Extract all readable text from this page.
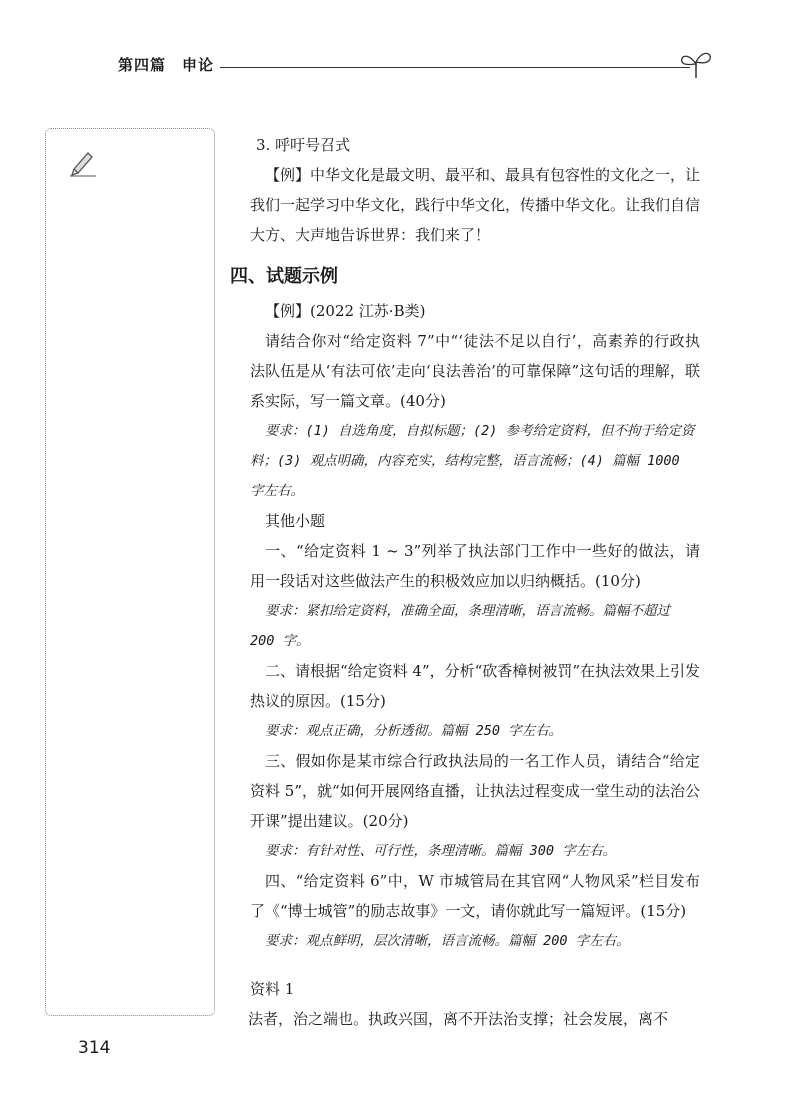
第四篇　申论

3. 呼吁号召式

【例】中华文化是最文明、最平和、最具有包容性的文化之一，让我们一起学习中华文化，践行中华文化，传播中华文化。让我们自信大方、大声地告诉世界：我们来了！

四、试题示例

【例】(2022 江苏·B类)

请结合你对“给定资料 7”中“‘徒法不足以自行’，高素养的行政执法队伍是从‘有法可依’走向‘良法善治’的可靠保障”这句话的理解，联系实际，写一篇文章。(40分)

要求：(1) 自选角度，自拟标题；(2) 参考给定资料，但不拘于给定资料；(3) 观点明确，内容充实，结构完整，语言流畅；(4) 篇幅 1000 字左右。

其他小题

一、“给定资料 1 ~ 3”列举了执法部门工作中一些好的做法，请用一段话对这些做法产生的积极效应加以归纳概括。(10分)

要求：紧扣给定资料，准确全面，条理清晰，语言流畅。篇幅不超过 200 字。

二、请根据“给定资料 4”，分析“砍香樟树被罚”在执法效果上引发热议的原因。(15分)

要求：观点正确，分析透彻。篇幅 250 字左右。

三、假如你是某市综合行政执法局的一名工作人员，请结合“给定资料 5”，就“如何开展网络直播，让执法过程变成一堂生动的法治公开课”提出建议。(20分)

要求：有针对性、可行性，条理清晰。篇幅 300 字左右。

四、“给定资料 6”中，W 市城管局在其官网“人物风采”栏目发布了《“博士城管”的励志故事》一文，请你就此写一篇短评。(15分)

要求：观点鲜明，层次清晰，语言流畅。篇幅 200 字左右。

资料 1

法者，治之端也。执政兴国，离不开法治支撑；社会发展，离不

314
